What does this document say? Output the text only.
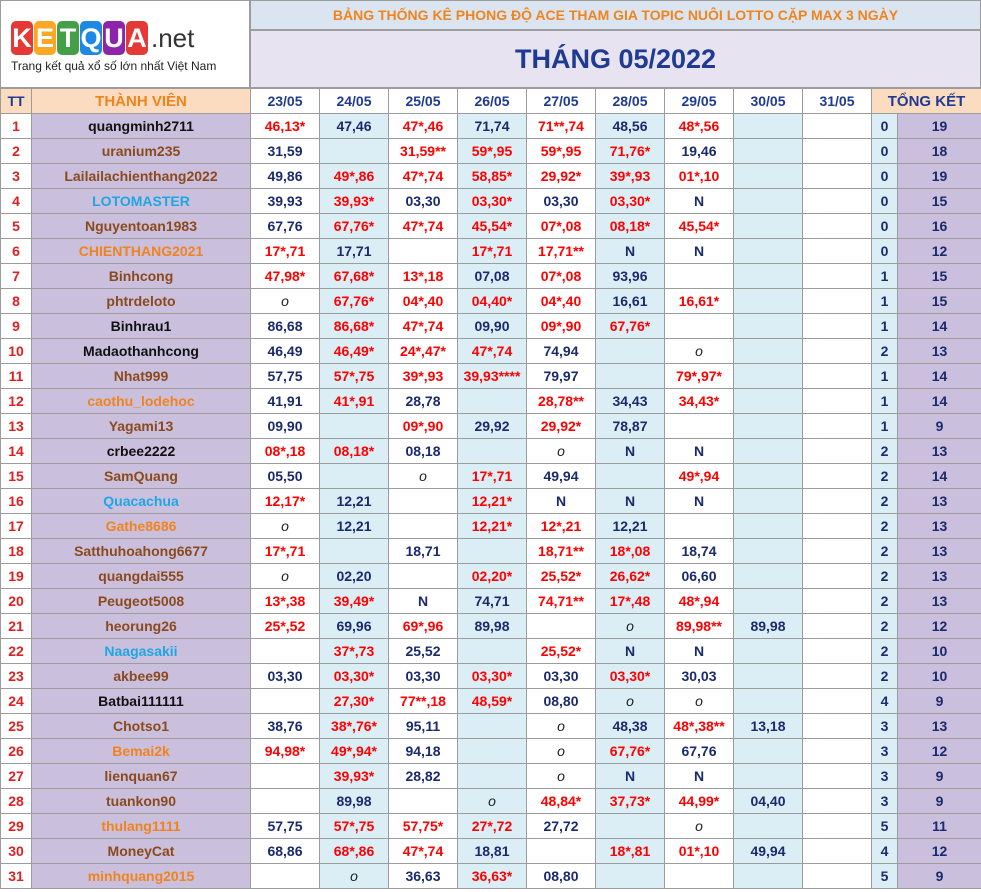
K E T Q U A .net
Trang kết quả xổ số lớn nhất Việt Nam
BẢNG THỐNG KÊ PHONG ĐỘ ACE THAM GIA TOPIC NUÔI LOTTO CẶP MAX 3 NGÀY
THÁNG 05/2022
TT	THÀNH VIÊN	23/05	24/05	25/05	26/05	27/05	28/05	29/05	30/05	31/05	TỔNG KẾT	
1	quangminh2711	46,13*	47,46	47*,46	71,74	71**,74	48,56	48*,56			0	19
2	uranium235	31,59		31,59**	59*,95	59*,95	71,76*	19,46			0	18
3	Lailailachienthang2022	49,86	49*,86	47*,74	58,85*	29,92*	39*,93	01*,10			0	19
4	LOTOMASTER	39,93	39,93*	03,30	03,30*	03,30	03,30*	N			0	15
5	Nguyentoan1983	67,76	67,76*	47*,74	45,54*	07*,08	08,18*	45,54*			0	16
6	CHIENTHANG2021	17*,71	17,71		17*,71	17,71**	N	N			0	12
7	Binhcong	47,98*	67,68*	13*,18	07,08	07*,08	93,96				1	15
8	phtrdeloto	o	67,76*	04*,40	04,40*	04*,40	16,61	16,61*			1	15
9	Binhrau1	86,68	86,68*	47*,74	09,90	09*,90	67,76*				1	14
10	Madaothanhcong	46,49	46,49*	24*,47*	47*,74	74,94		o			2	13
11	Nhat999	57,75	57*,75	39*,93	39,93****	79,97		79*,97*			1	14
12	caothu_lodehoc	41,91	41*,91	28,78		28,78**	34,43	34,43*			1	14
13	Yagami13	09,90		09*,90	29,92	29,92*	78,87				1	9
14	crbee2222	08*,18	08,18*	08,18		o	N	N			2	13
15	SamQuang	05,50		o	17*,71	49,94		49*,94			2	14
16	Quacachua	12,17*	12,21		12,21*	N	N	N			2	13
17	Gathe8686	o	12,21		12,21*	12*,21	12,21				2	13
18	Satthuhoahong6677	17*,71		18,71		18,71**	18*,08	18,74			2	13
19	quangdai555	o	02,20		02,20*	25,52*	26,62*	06,60			2	13
20	Peugeot5008	13*,38	39,49*	N	74,71	74,71**	17*,48	48*,94			2	13
21	heorung26	25*,52	69,96	69*,96	89,98		o	89,98**	89,98		2	12
22	Naagasakii		37*,73	25,52		25,52*	N	N			2	10
23	akbee99	03,30	03,30*	03,30	03,30*	03,30	03,30*	30,03			2	10
24	Batbai111111		27,30*	77**,18	48,59*	08,80	o	o			4	9
25	Chotso1	38,76	38*,76*	95,11		o	48,38	48*,38**	13,18		3	13
26	Bemai2k	94,98*	49*,94*	94,18		o	67,76*	67,76			3	12
27	lienquan67		39,93*	28,82		o	N	N			3	9
28	tuankon90		89,98		o	48,84*	37,73*	44,99*	04,40		3	9
29	thulang1111	57,75	57*,75	57,75*	27*,72	27,72		o			5	11
30	MoneyCat	68,86	68*,86	47*,74	18,81		18*,81	01*,10	49,94		4	12
31	minhquang2015		o	36,63	36,63*	08,80					5	9
